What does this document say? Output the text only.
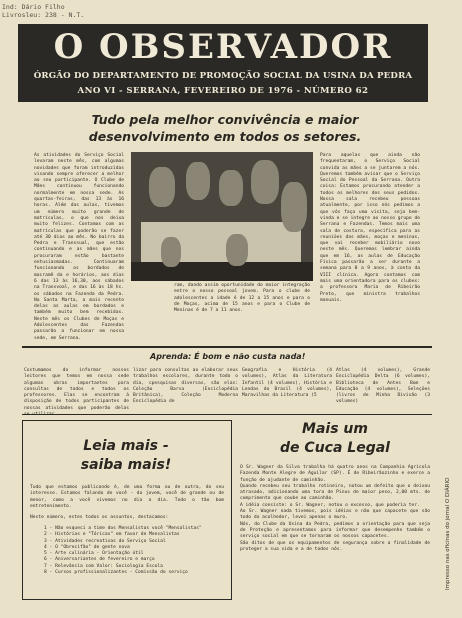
Ind: Dário Filho
Livrosleu: 238 - N.T.
O OBSERVADOR
ÓRGÃO DO DEPARTAMENTO DE PROMOÇÃO SOCIAL DA USINA DA PEDRA
ANO VI - SERRANA, FEVEREIRO DE 1976 - NÚMERO 62
Tudo pela melhor convivência e maior
desenvolvimento em todos os setores.
As atividades do Serviço Social levaram neste mês, com algumas novidades que foram introduzidas visando sempre oferecer a melhor ao seu participante. O Clube de Mães continuou funcionando normalmente em nossa sede. As quartas-feiras, das 13 às 16 horas. Além das aulas, tivemos um número muito grande de matrículas, o que nos deixa muito felizes. Contamos com as matrículas que poderão se fazer até 30 dias ao mês. No bairro da Pedra e Transsual, que estão continuando e as mães que nos procuraram estão bastante entusiasmadas. Continuaram funcionando os bordados de macramê da e horários, aos dias 6 das 13 às 16,30, aos sábados na Transvoal, e das 16 às 18 hs. os sábados na Fazenda da Pedra. Na Santa Marta, a mais recente delas as aulas em bordados e também muito bem recebidas. Neste mês os Clubes de Moças e Adolescentes das Fazendas passarão a funcionar em nossa sede, em Serrana.
ram, dando assim oportunidade do maior integração entre o nosso pessoal jovem. Para o clube de adolescentes a idade é de 12 a 15 anos e para o de Moças, acima de 15 anos e para o Clube de Meninas é de 7 a 11 anos.
Para aquelas que ainda não frequentaram, o Serviço Social convida as mães a se juntarem a nós. Queremos também avisar que o Serviço Social do Pessoal da Serrana. Outra coisa: Estamos procurando atender a todos os melhores dos seus pedidos. Nossa sala recebeu pessoas atualmente, por isso nós pedimos a que vós faça uma visita, seja bem-vinda e se integre ao nosso grupo de Serrana e Fazendas. Temos mais uma sala de costura, específica para as reuniões das mães, moças e meninas, que vai receber mobiliário novo neste mês. Queremos lembrar ainda que em 16, as aulas de Educação Física passarão a ser durante a semana para 0 a 9 anos, à conta da VIII clínica. Agora contamos com mais uma orientadora para os clubes: a professora Maria de Ribeirão Preto, que ministra trabalhos manuais.
Aprenda: É bom e não custa nada!
Costumamos do informar nossos leitores que temos em nossa sede algumas obras importantes para consultas de todos e todos os professores. Elas se encontram à disposição de todos participantes de nossas atividades que poderão delas
lizar para consultas ao elaborar seus trabalhos escolares, durante todo o dia, cpesquisas diversas, são elas: Coleção Barsa (Enciclopédia Britânica), Coleção Moderna Enciclopédia de
Geografia e História (4 volumes), Atlas da Literatura Infantil (4 volumes), História e Lendas do Brasil (4 volumes), Maravilhas da Literatura (5
Atlas (4 volumes), Grande Enciclopédia Delta (6 volumes), Biblioteca de Antes Bom e Educação (4 volumes), Seleções (livros de Minha Divisão (3 volumes)
Leia mais -
saiba mais!
Tudo que estamos publicando é, de uma forma ou de outra, do seu interesse. Estamos falando de você - da jovem, você de grande ou de menor, como a você vivemos no dia a dia. Todo o tão bom entretenimento.
Neste número, estes todos os assuntos, destacamos:
1 - Não esqueci a time dos Mensalistas você "Mensalistas"
2 - Histórias e "Tóricas" em favor de Mensalistas
3 - Atividades recreativas do Serviço Social
4 - O "Obrecifão" de gente nova
5 - Arte culinária - Orientação útil
6 - Aniversariantes de fevereiro e março
7 - Relevância com Valor: Sociologia Escola
8 - Cursos profissionalizantes - Comissão do serviço
Mais um
de Cuca Legal
O Sr. Wagner da Silva trabalha há quatro anos na Companhia Agrícola Fazenda Monte Alegre de Aguilar (SP). É de Ribeirãozinho e exerce a função de ajudante de caminhão.
Quando recebeu seu trabalho rotineiro, notou um defeito que o deixou atrasado, adicionando uma tora de Pinus de maior peso, 2,00 mts. de comprimento que coube ao caminhão.
A idéia consiste: o Sr. Wagner, notou o excesso, que poderia ter.
Ao Sr. Wagner nada tivemos, pois idéias e não que capacete que são todo do acolhedor, levei apenas o muro.
Nós, do Clube da Usina da Pedra, pedimos a orientação para que seja de Proteção e apresentamos para informar que desempenhe também o serviço social em que se tornaram os nossos capacetes.
São ditos de que os equipamentos de segurança sobre a finalidade de proteger a sua vida e a de todos nós.	Impresso nas oficinas do jornal O DIÁRIO
